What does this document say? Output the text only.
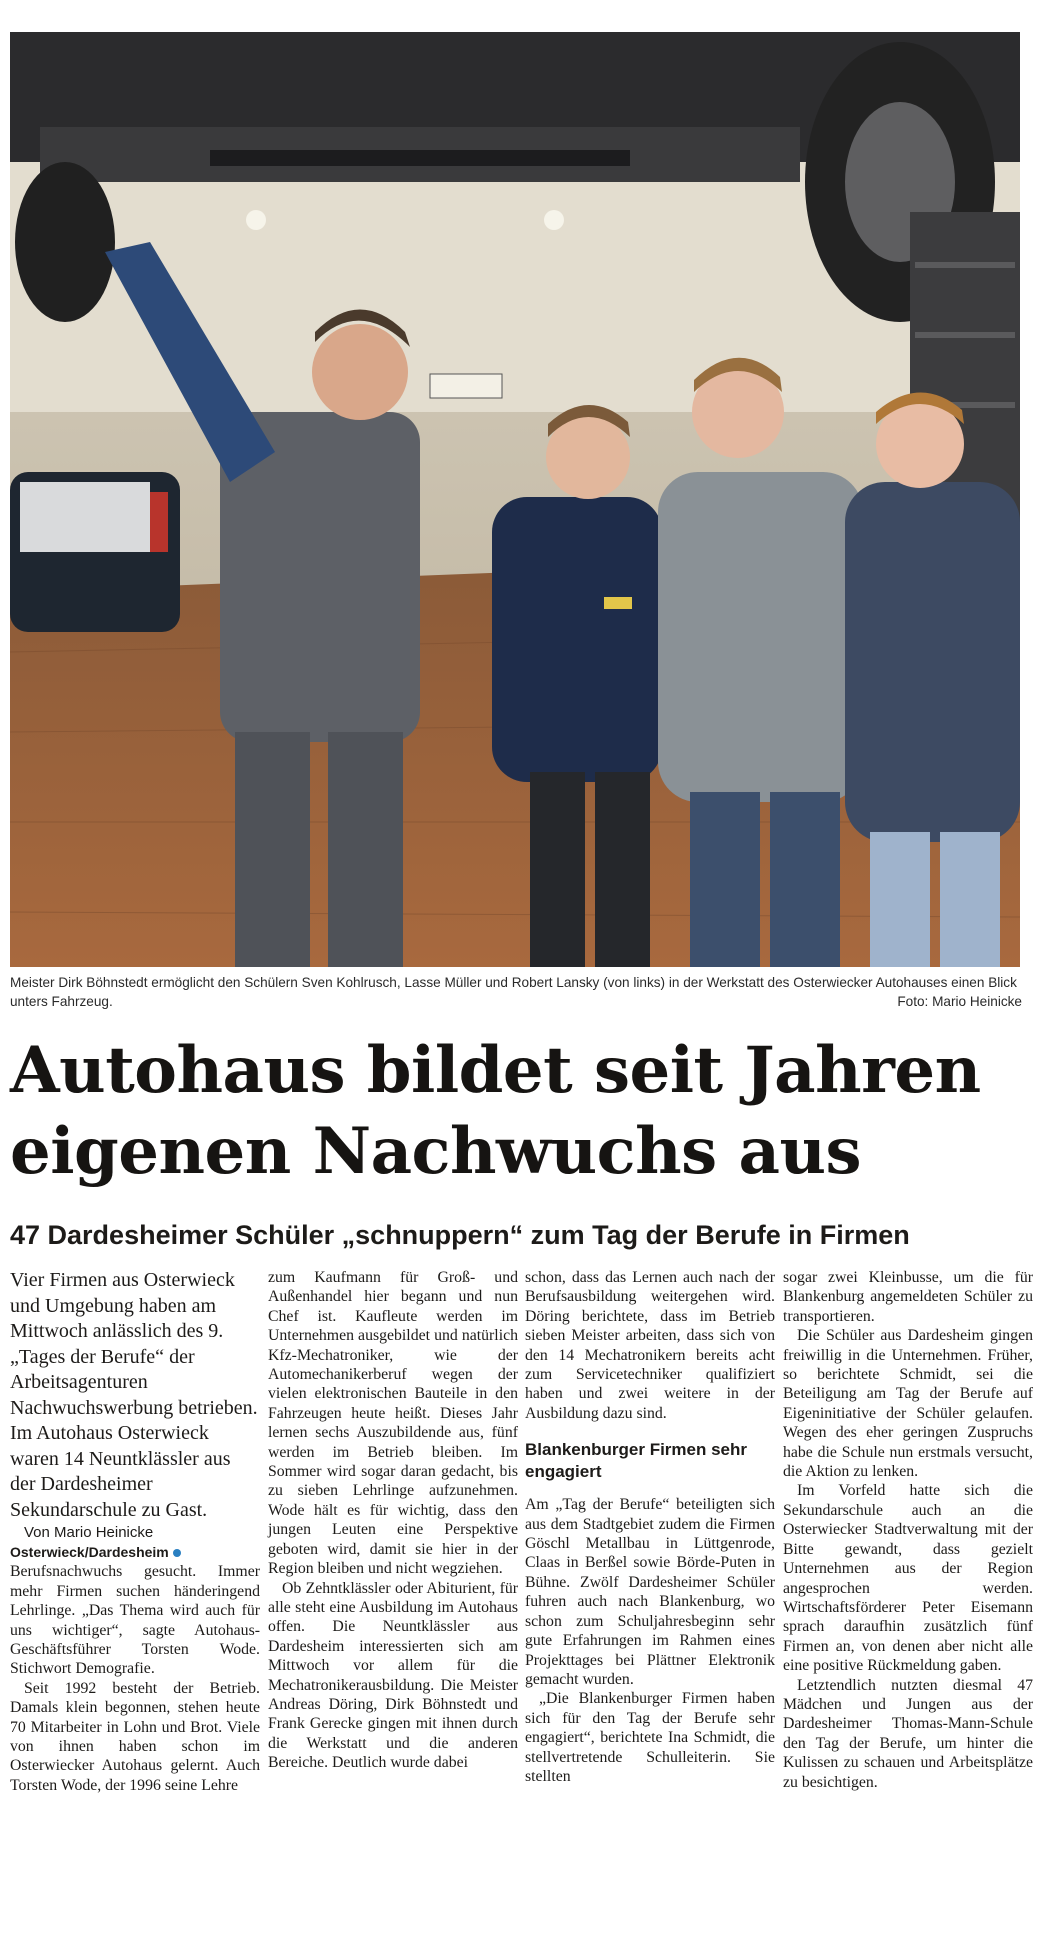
Meister Dirk Böhnstedt ermöglicht den Schülern Sven Kohlrusch, Lasse Müller und Robert Lansky (von links) in der Werkstatt des Osterwiecker Autohauses einen Blick unters Fahrzeug.	Foto: Mario Heinicke
Autohaus bildet seit Jahren
eigenen Nachwuchs aus
47 Dardesheimer Schüler „schnuppern“ zum Tag der Berufe in Firmen

Vier Firmen aus Osterwieck und Umgebung haben am Mittwoch anlässlich des 9. „Tages der Berufe“ der Arbeitsagenturen Nachwuchswerbung betrieben. Im Autohaus Osterwieck waren 14 Neuntklässler aus der Dardesheimer Sekundarschule zu Gast.

Von Mario Heinicke

Osterwieck/DardesheimBerufsnachwuchs gesucht. Immer mehr Firmen suchen händeringend Lehrlinge. „Das Thema wird auch für uns wichtiger“, sagte Autohaus-Geschäftsführer Torsten Wode. Stichwort Demografie.

Seit 1992 besteht der Betrieb. Damals klein begonnen, stehen heute 70 Mitarbeiter in Lohn und Brot. Viele von ihnen haben schon im Osterwiecker Autohaus gelernt. Auch Torsten Wode, der 1996 seine Lehre

zum Kaufmann für Groß- und Außenhandel hier begann und nun Chef ist. Kaufleute werden im Unternehmen ausgebildet und natürlich Kfz-Mechatroniker, wie der Automechanikerberuf wegen der vielen elektronischen Bauteile in den Fahrzeugen heute heißt. Dieses Jahr lernen sechs Auszubildende aus, fünf werden im Betrieb bleiben. Im Sommer wird sogar daran gedacht, bis zu sieben Lehrlinge aufzunehmen. Wode hält es für wichtig, dass den jungen Leuten eine Perspektive geboten wird, damit sie hier in der Region bleiben und nicht wegziehen.

Ob Zehntklässler oder Abiturient, für alle steht eine Ausbildung im Autohaus offen. Die Neuntklässler aus Dardesheim interessierten sich am Mittwoch vor allem für die Mechatronikerausbildung. Die Meister Andreas Döring, Dirk Böhnstedt und Frank Gerecke gingen mit ihnen durch die Werkstatt und die anderen Bereiche. Deutlich wurde dabei

schon, dass das Lernen auch nach der Berufsausbildung weitergehen wird. Döring berichtete, dass im Betrieb sieben Meister arbeiten, dass sich von den 14 Mechatronikern bereits acht zum Servicetechniker qualifiziert haben und zwei weitere in der Ausbildung dazu sind.

Blankenburger Firmen sehr engagiert

Am „Tag der Berufe“ beteiligten sich aus dem Stadtgebiet zudem die Firmen Göschl Metallbau in Lüttgenrode, Claas in Berßel sowie Börde-Puten in Bühne. Zwölf Dardesheimer Schüler fuhren auch nach Blankenburg, wo schon zum Schuljahresbeginn sehr gute Erfahrungen im Rahmen eines Projekttages bei Plättner Elektronik gemacht wurden.

„Die Blankenburger Firmen haben sich für den Tag der Berufe sehr engagiert“, berichtete Ina Schmidt, die stellvertretende Schulleiterin. Sie stellten

sogar zwei Kleinbusse, um die für Blankenburg angemeldeten Schüler zu transportieren.

Die Schüler aus Dardesheim gingen freiwillig in die Unternehmen. Früher, so berichtete Schmidt, sei die Beteiligung am Tag der Berufe auf Eigeninitiative der Schüler gelaufen. Wegen des eher geringen Zuspruchs habe die Schule nun erstmals versucht, die Aktion zu lenken.

Im Vorfeld hatte sich die Sekundarschule auch an die Osterwiecker Stadtverwaltung mit der Bitte gewandt, dass gezielt Unternehmen aus der Region angesprochen werden. Wirtschaftsförderer Peter Eisemann sprach daraufhin zusätzlich fünf Firmen an, von denen aber nicht alle eine positive Rückmeldung gaben.

Letztendlich nutzten diesmal 47 Mädchen und Jungen aus der Dardesheimer Thomas-Mann-Schule den Tag der Berufe, um hinter die Kulissen zu schauen und Arbeitsplätze zu besichtigen.
